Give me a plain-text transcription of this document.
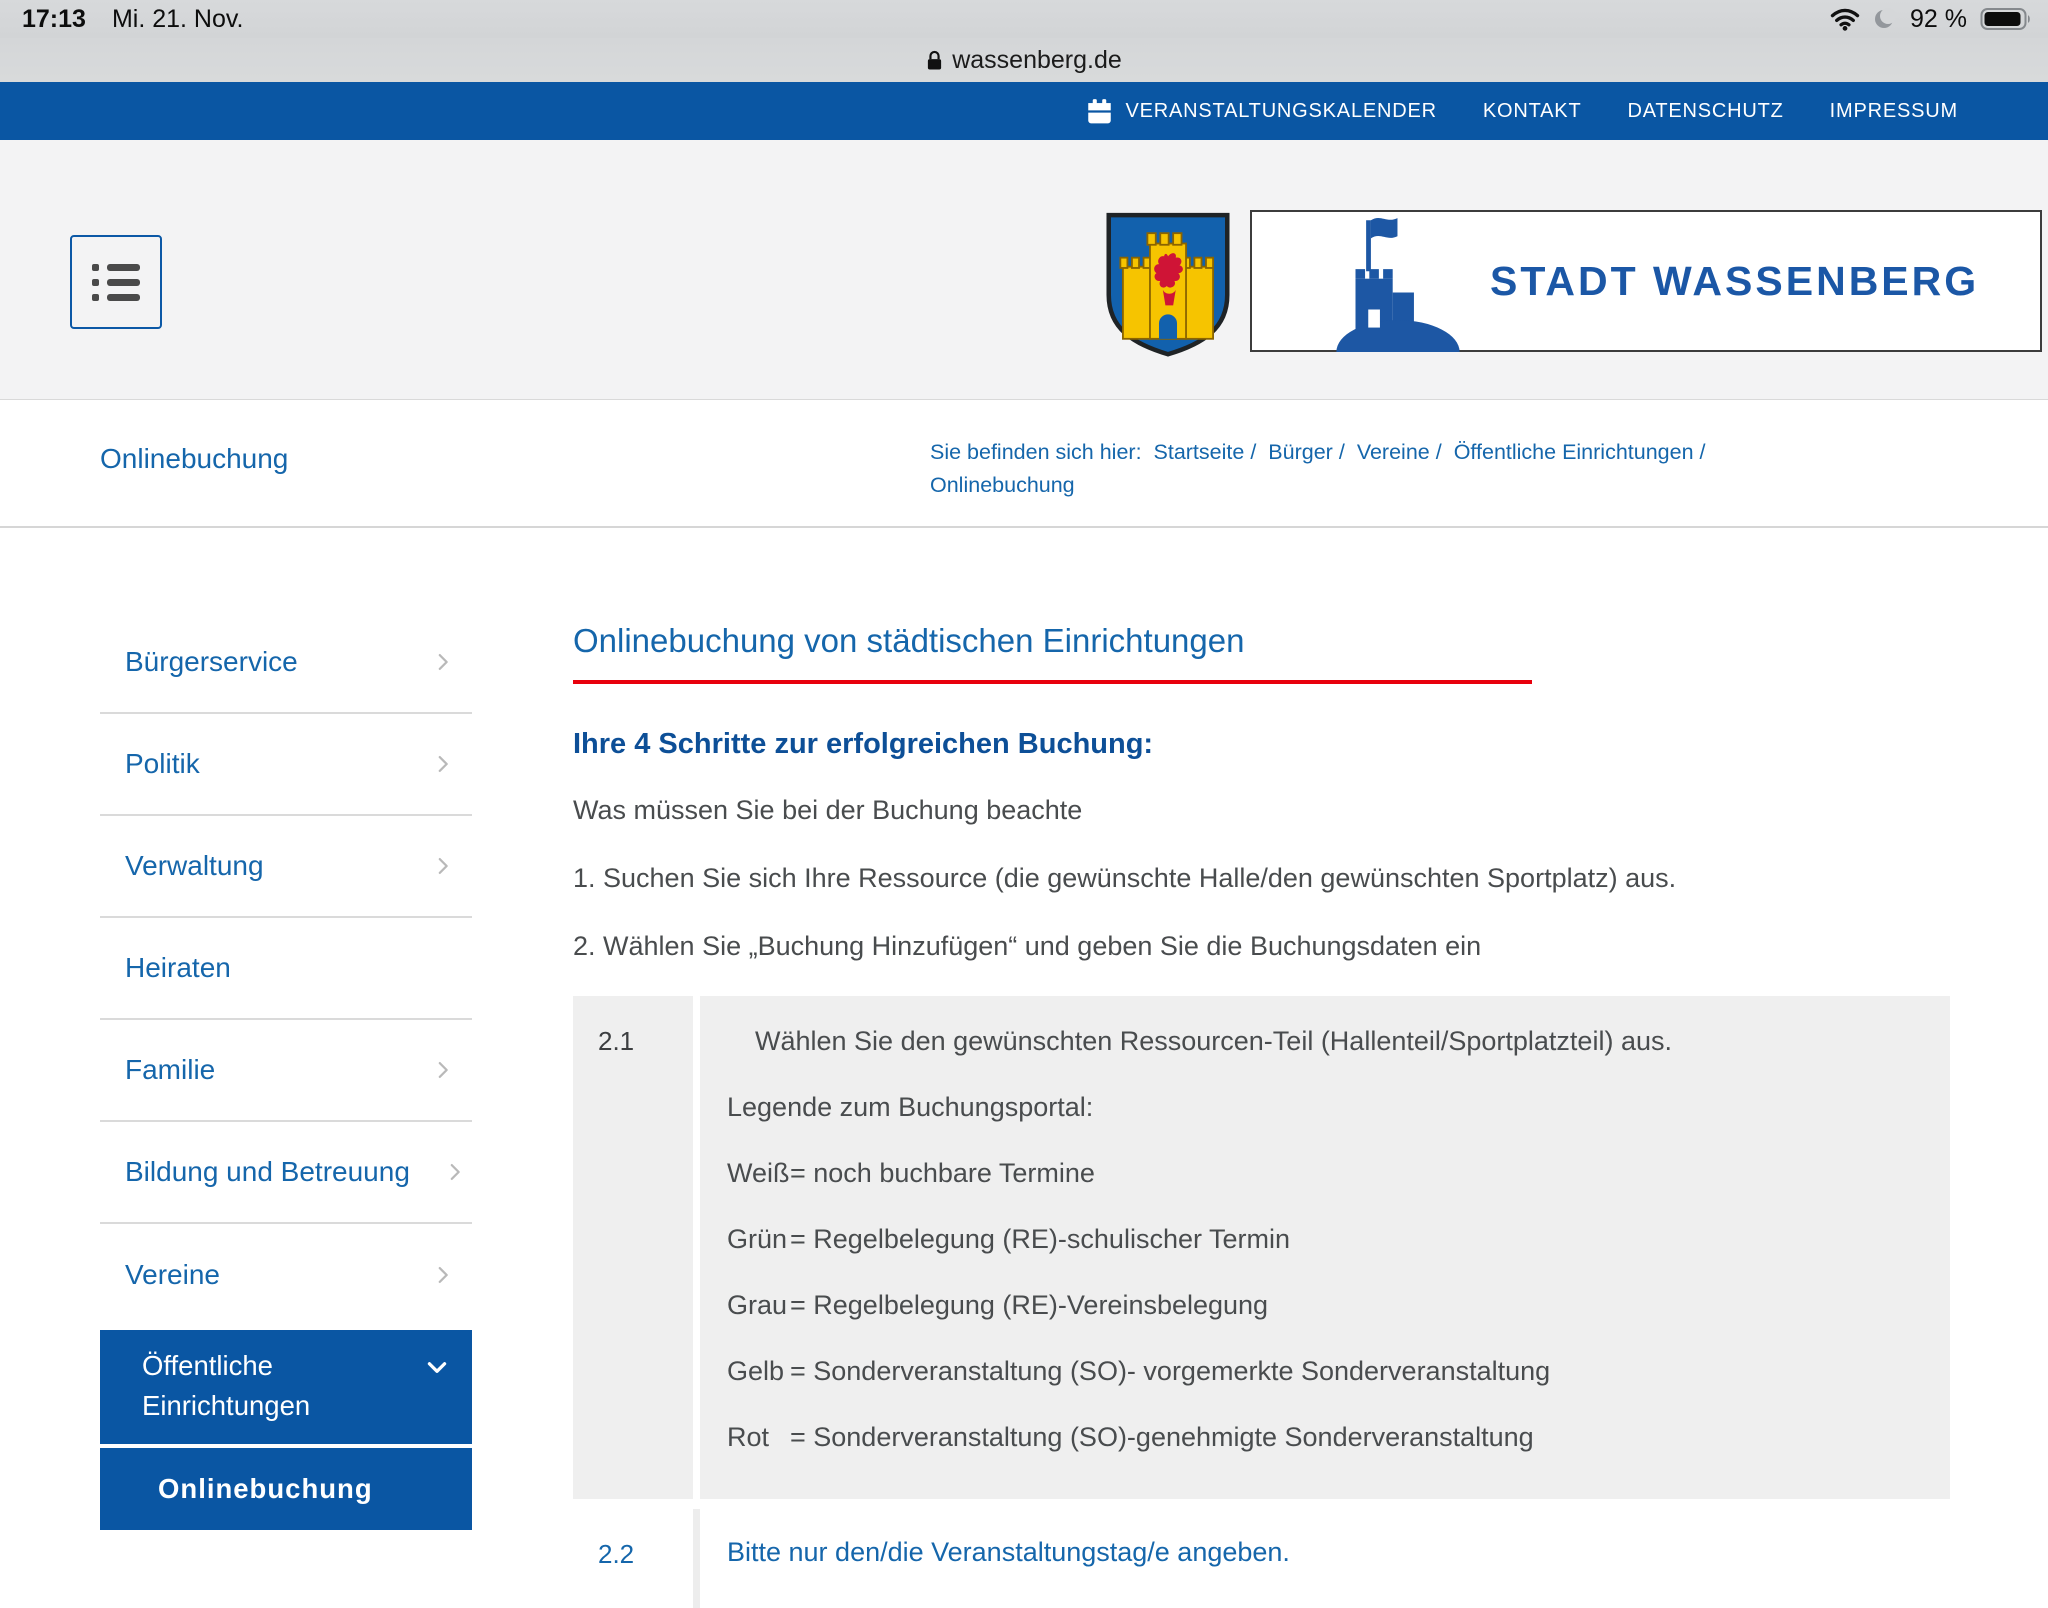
17:13 Mi. 21. Nov.	92 %
wassenberg.de
VERANSTALTUNGSKALENDER KONTAKT DATENSCHUTZ IMPRESSUM
STADT WASSENBERG
Onlinebuchung	Sie befinden sich hier: Startseite / Bürger / Vereine / Öffentliche Einrichtungen / Onlinebuchung
Bürgerservice
Politik
Verwaltung
Heiraten
Familie
Bildung und Betreuung
Vereine
Öffentliche Einrichtungen
Onlinebuchung
Onlinebuchung von städtischen Einrichtungen
Ihre 4 Schritte zur erfolgreichen Buchung:

Was müssen Sie bei der Buchung beachte

1. Suchen Sie sich Ihre Ressource (die gewünschte Halle/den gewünschten Sportplatz) aus.

2. Wählen Sie „Buchung Hinzufügen“ und geben Sie die Buchungsdaten ein

2.1	Wählen Sie den gewünschten Ressourcen-Teil (Hallenteil/Sportplatzteil) aus.

Legende zum Buchungsportal:

Weiß= noch buchbare Termine

Grün = Regelbelegung (RE)-schulischer Termin

Grau = Regelbelegung (RE)-Vereinsbelegung

Gelb = Sonderveranstaltung (SO)- vorgemerkte Sonderveranstaltung

Rot = Sonderveranstaltung (SO)-genehmigte Sonderveranstaltung

2.2	Bitte nur den/die Veranstaltungstag/e angeben.
